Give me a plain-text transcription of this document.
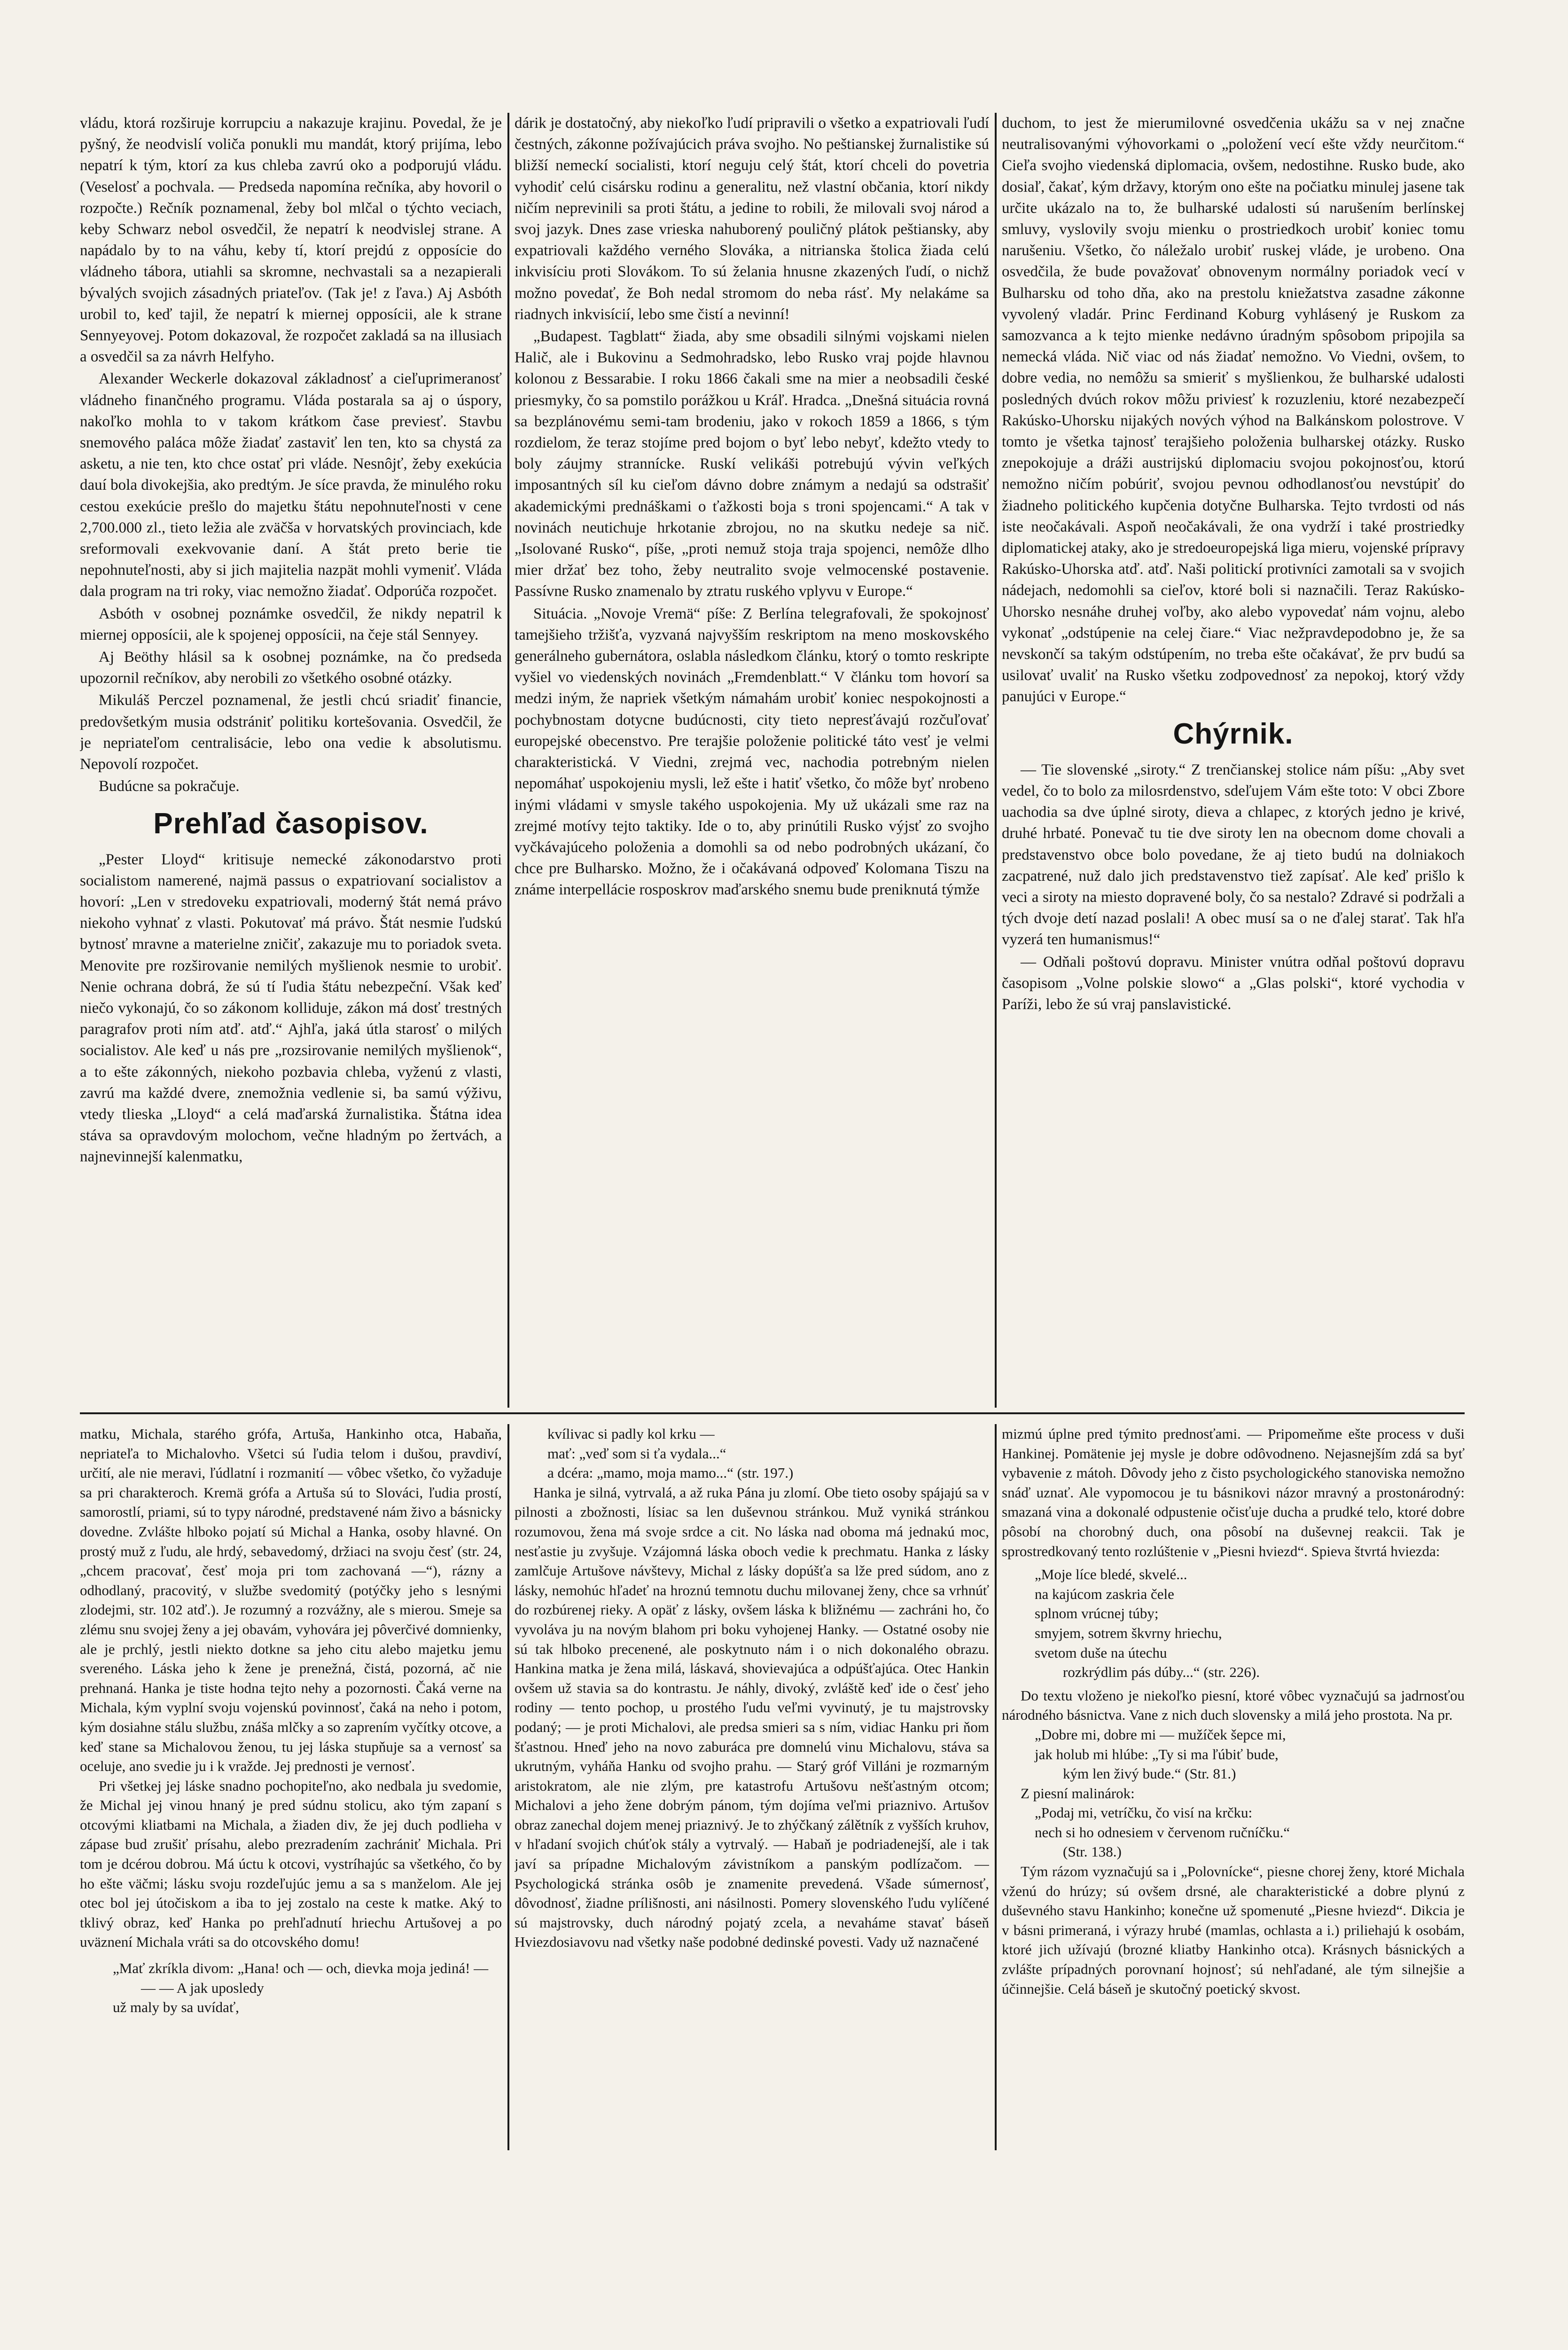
vládu, ktorá rozširuje korrupciu a nakazuje krajinu. Povedal, že je pyšný, že neodvislí voliča ponukli mu mandát, ktorý prijíma, lebo nepatrí k tým, ktorí za kus chleba zavrú oko a podporujú vládu. (Veselosť a pochvala. — Predseda napomína rečníka, aby hovoril o rozpočte.) Rečník poznamenal, žeby bol mlčal o týchto veciach, keby Schwarz nebol osvedčil, že nepatrí k neodvislej strane. A napádalo by to na váhu, keby tí, ktorí prejdú z opposície do vládneho tábora, utiahli sa skromne, nechvastali sa a nezapierali bývalých svojich zásadných priateľov. (Tak je! z ľava.) Aj Asbóth urobil to, keď tajil, že nepatrí k miernej opposícii, ale k strane Sennyeyovej. Potom dokazoval, že rozpočet zakladá sa na illusiach a osvedčil sa za návrh Helfyho.

Alexander Weckerle dokazoval základnosť a cieľuprimeranosť vládneho finančného programu. Vláda postarala sa aj o úspory, nakoľko mohla to v takom krátkom čase previesť. Stavbu snemového paláca môže žiadať zastaviť len ten, kto sa chystá za asketu, a nie ten, kto chce ostať pri vláde. Nesnôjť, žeby exekúcia dauí bola divokejšia, ako predtým. Je síce pravda, že minulého roku cestou exekúcie prešlo do majetku štátu nepohnuteľnosti v cene 2,700.000 zl., tieto ležia ale zväčša v horvatských provinciach, kde sreformovali exekvovanie daní. A štát preto berie tie nepohnuteľnosti, aby si jich majitelia nazpät mohli vymeniť. Vláda dala program na tri roky, viac nemožno žiadať. Odporúča rozpočet.

Asbóth v osobnej poznámke osvedčil, že nikdy nepatril k miernej opposícii, ale k spojenej opposícii, na čeje stál Sennyey.

Aj Beöthy hlásil sa k osobnej poznámke, na čo predseda upozornil rečníkov, aby nerobili zo všetkého osobné otázky.

Mikuláš Perczel poznamenal, že jestli chcú sriadiť financie, predovšetkým musia odstrániť politiku kortešovania. Osvedčil, že je nepriateľom centralisácie, lebo ona vedie k absolutismu. Nepovolí rozpočet.

Budúcne sa pokračuje.

Prehľad časopisov.

„Pester Lloyd“ kritisuje nemecké zákonodarstvo proti socialistom namerené, najmä passus o expatriovaní socialistov a hovorí: „Len v stredoveku expatriovali, moderný štát nemá právo niekoho vyhnať z vlasti. Pokutovať má právo. Štát nesmie ľudskú bytnosť mravne a materielne zničiť, zakazuje mu to poriadok sveta. Menovite pre rozširovanie nemilých myšlienok nesmie to urobiť. Nenie ochrana dobrá, že sú tí ľudia štátu nebezpeční. Však keď niečo vykonajú, čo so zákonom kolliduje, zákon má dosť trestných paragrafov proti ním atď. atď.“ Ajhľa, jaká útla starosť o milých socialistov. Ale keď u nás pre „rozsirovanie nemilých myšlienok“, a to ešte zákonných, niekoho pozbavia chleba, vyženú z vlasti, zavrú ma každé dvere, znemožnia vedlenie si, ba samú výživu, vtedy tlieska „Lloyd“ a celá maďarská žurnalistika. Štátna idea stáva sa opravdovým molochom, večne hladným po žertvách, a najnevinnejší kalenmatku,

dárik je dostatočný, aby niekoľko ľudí pripravili o všetko a expatriovali ľudí čestných, zákonne požívajúcich práva svojho. No peštianskej žurnalistike sú bližší nemeckí socialisti, ktorí neguju celý štát, ktorí chceli do povetria vyhodiť celú cisársku rodinu a generalitu, než vlastní občania, ktorí nikdy ničím neprevinili sa proti štátu, a jedine to robili, že milovali svoj národ a svoj jazyk. Dnes zase vrieska nahuborený pouličný plátok peštiansky, aby expatriovali každého verného Slováka, a nitrianska štolica žiada celú inkvisíciu proti Slovákom. To sú želania hnusne zkazených ľudí, o nichž možno povedať, že Boh nedal stromom do neba rásť. My nelakáme sa riadnych inkvisícií, lebo sme čistí a nevinní!

„Budapest. Tagblatt“ žiada, aby sme obsadili silnými vojskami nielen Halič, ale i Bukovinu a Sedmohradsko, lebo Rusko vraj pojde hlavnou kolonou z Bessarabie. I roku 1866 čakali sme na mier a neobsadili české priesmyky, čo sa pomstilo porážkou u Kráľ. Hradca. „Dnešná situácia rovná sa bezplánovému semi-tam brodeniu, jako v rokoch 1859 a 1866, s tým rozdielom, že teraz stojíme pred bojom o byť lebo nebyť, kdežto vtedy to boly záujmy strannícke. Ruskí velikáši potrebujú vývin veľkých imposantných síl ku cieľom dávno dobre známym a nedajú sa odstrašiť akademickými prednáškami o ťažkosti boja s troni spojencami.“ A tak v novinách neutichuje hrkotanie zbrojou, no na skutku nedeje sa nič. „Isolované Rusko“, píše, „proti nemuž stoja traja spojenci, nemôže dlho mier držať bez toho, žeby neutralito svoje velmocenské postavenie. Passívne Rusko znamenalo by ztratu ruského vplyvu v Europe.“

Situácia. „Novoje Vremä“ píše: Z Berlína telegrafovali, že spokojnosť tamejšieho tržišťa, vyzvaná najvyšším reskriptom na meno moskovského generálneho gubernátora, oslabla následkom článku, ktorý o tomto reskripte vyšiel vo viedenských novinách „Fremdenblatt.“ V článku tom hovorí sa medzi iným, že napriek všetkým námahám urobiť koniec nespokojnosti a pochybnostam dotycne budúcnosti, city tieto nepresťávajú rozčuľovať europejské obecenstvo. Pre terajšie položenie politické táto vesť je velmi charakteristická. V Viedni, zrejmá vec, nachodia potrebným nielen nepomáhať uspokojeniu mysli, lež ešte i hatiť všetko, čo môže byť nrobeno inými vládami v smysle takého uspokojenia. My už ukázali sme raz na zrejmé motívy tejto taktiky. Ide o to, aby prinútili Rusko výjsť zo svojho vyčkávajúceho položenia a domohli sa od nebo podrobných ukázaní, čo chce pre Bulharsko. Možno, že i očakávaná odpoveď Kolomana Tiszu na známe interpellácie rosposkrov maďarského snemu bude preniknutá týmže

duchom, to jest že mierumilovné osvedčenia ukážu sa v nej značne neutralisovanými výhovorkami o „položení vecí ešte vždy neurčitom.“ Cieľa svojho viedenská diplomacia, ovšem, nedostihne. Rusko bude, ako dosiaľ, čakať, kým državy, ktorým ono ešte na počiatku minulej jasene tak určite ukázalo na to, že bulharské udalosti sú narušením berlínskej smluvy, vyslovily svoju mienku o prostriedkoch urobiť koniec tomu narušeniu. Všetko, čo náležalo urobiť ruskej vláde, je urobeno. Ona osvedčila, že bude považovať obnovenym normálny poriadok vecí v Bulharsku od toho dňa, ako na prestolu kniežatstva zasadne zákonne vyvolený vladár. Princ Ferdinand Koburg vyhlásený je Ruskom za samozvanca a k tejto mienke nedávno úradným spôsobom pripojila sa nemecká vláda. Nič viac od nás žiadať nemožno. Vo Viedni, ovšem, to dobre vedia, no nemôžu sa smieriť s myšlienkou, že bulharské udalosti posledných dvúch rokov môžu priviesť k rozuzleniu, ktoré nezabezpečí Rakúsko-Uhorsku nijakých nových výhod na Balkánskom polostrove. V tomto je všetka tajnosť terajšieho položenia bulharskej otázky. Rusko znepokojuje a dráži austrijskú diplomaciu svojou pokojnosťou, ktorú nemožno ničím pobúriť, svojou pevnou odhodlanosťou nevstúpiť do žiadneho politického kupčenia dotyčne Bulharska. Tejto tvrdosti od nás iste neočakávali. Aspoň neočakávali, že ona vydrží i také prostriedky diplomatickej ataky, ako je stredoeuropejská liga mieru, vojenské prípravy Rakúsko-Uhorska atď. atď. Naši politickí protivníci zamotali sa v svojich nádejach, nedomohli sa cieľov, ktoré boli si naznačili. Teraz Rakúsko-Uhorsko nesnáhe druhej voľby, ako alebo vypovedať nám vojnu, alebo vykonať „odstúpenie na celej čiare.“ Viac nežpravdepodobno je, že sa nevskončí sa takým odstúpením, no treba ešte očakávať, že prv budú sa usilovať uvaliť na Rusko všetku zodpovednosť za nepokoj, ktorý vždy panujúci v Europe.“

Chýrnik.

— Tie slovenské „siroty.“ Z trenčianskej stolice nám píšu: „Aby svet vedel, čo to bolo za milosrdenstvo, sdeľujem Vám ešte toto: V obci Zbore uachodia sa dve úplné siroty, dieva a chlapec, z ktorých jedno je krivé, druhé hrbaté. Ponevač tu tie dve siroty len na obecnom dome chovali a predstavenstvo obce bolo povedane, že aj tieto budú na dolniakoch zacpatrené, nuž dalo jich predstavenstvo tiež zapísať. Ale keď prišlo k veci a siroty na miesto dopravené boly, čo sa nestalo? Zdravé si podržali a tých dvoje detí nazad poslali! A obec musí sa o ne ďalej starať. Tak hľa vyzerá ten humanismus!“

— Odňali poštovú dopravu. Minister vnútra odňal poštovú dopravu časopisom „Volne polskie slowo“ a „Glas polski“, ktoré vychodia v Paríži, lebo že sú vraj panslavistické.

matku, Michala, starého grófa, Artuša, Hankinho otca, Habaňa, nepriateľa to Michalovho. Všetci sú ľudia telom i dušou, pravdiví, určití, ale nie meravi, ľúdlatní i rozmanití — vôbec všetko, čo vyžaduje sa pri charakteroch. Kremä grófa a Artuša sú to Slováci, ľudia prostí, samorostlí, priami, sú to typy národné, predstavené nám živo a básnicky dovedne. Zvlášte hlboko pojatí sú Michal a Hanka, osoby hlavné. On prostý muž z ľudu, ale hrdý, sebavedomý, držiaci na svoju česť (str. 24, „chcem pracovať, česť moja pri tom zachovaná —“), rázny a odhodlaný, pracovitý, v službe svedomitý (potýčky jeho s lesnými zlodejmi, str. 102 atď.). Je rozumný a rozvážny, ale s mierou. Smeje sa zlému snu svojej ženy a jej obavám, vyhovára jej pôverčivé domnienky, ale je prchlý, jestli niekto dotkne sa jeho citu alebo majetku jemu sverenéhо. Láska jeho k žene je prenežná, čistá, pozorná, ač nie prehnaná. Hanka je tiste hodna tejto nehy a pozornosti. Čaká verne na Michala, kým vyplní svoju vojenskú povinnosť, čaká na neho i potom, kým dosiahne stálu službu, znáša mlčky a so zaprením vyčítky otcove, a keď stane sa Michalovou ženou, tu jej láska stupňuje sa a vernosť sa ocelujе, ano svedie ju i k vražde. Jej prednosti je vernosť.

Pri všetkej jej láske snadno pochopiteľno, ako nedbala ju svedomie, že Michal jej vinou hnaný je pred súdnu stolicu, ako tým zapaní s otcovými kliatbami na Michala, a žiaden div, že jej duch podlieha v zápase bud zrušiť prísahu, alebo prezradením zachrániť Michala. Pri tom je dcérou dobrou. Má úctu k otcovi, vystríhajúc sa všetkého, čo by ho ešte väčmi; lásku svoju rozdeľujúc jemu a sa s manželom. Ale jej otec bol jej útočiskom a iba to jej zostalo na ceste k matke. Aký to tklivý obraz, keď Hanka po prehľadnutí hriechu Artušovej a po uväznení Michala vráti sa do otcovského domu!

„Mať zkríkla divom: „Hana! och — och, dievka moja jediná! —

— — A jak uposledy

už maly by sa uvídať,

kvílivac si padly kol krku —

mať: „veď som si ťa vydala...“

a dcéra: „mamo, moja mamo...“ (str. 197.)

Hanka je silná, vytrvalá, a až ruka Pána ju zlomí. Obe tieto osoby spájajú sa v pilnosti a zbožnosti, lísiac sa len duševnou stránkou. Muž vyniká stránkou rozumovou, žena má svoje srdce a cit. No láska nad oboma má jednakú moc, nesťastie ju zvyšuje. Vzájomná láska oboch vedie k prechmatu. Hanka z lásky zamlčuje Artušove návštevy, Michal z lásky dopúšťa sa lže pred súdom, ano z lásky, nemohúc hľadeť na hroznú temnotu duchu milovanej ženy, chce sa vrhnúť do rozbúrenej rieky. A opäť z lásky, ovšem láska k bližnému — zachráni ho, čo vyvoláva ju na novým blahom pri boku vyhojenej Hanky. — Ostatné osoby nie sú tak hlboko precenené, ale poskytnuto nám i o nich dokonalého obrazu. Hankina matka je žena milá, láskavá, shovievajúca a odpúšťajúca. Otec Hankin ovšem už stavia sa do kontrastu. Je náhly, divoký, zvláště keď ide o česť jeho rodiny — tento pochop, u prostého ľudu veľmi vyvinutý, je tu majstrovsky podaný; — je proti Michalovi, ale predsa smieri sa s ním, vidiac Hanku pri ňom šťastnou. Hneď jeho na novo zaburáca pre domnelú vinu Michalovu, stáva sa ukrutným, vyháňa Hanku od svojho prahu. — Starý gróf Villáni je rozmarným aristokratom, ale nie zlým, pre katastrofu Artušovu nešťastným otcom; Michalovi a jeho žene dobrým pánom, tým dojíma veľmi priaznivo. Artušov obraz zanechal dojem menej priaznivý. Je to zhýčkaný zálětník z vyšších kruhov, v hľadaní svojich chúťok stály a vytrvalý. — Habaň je podriadenejší, ale i tak javí sa prípadne Michalovým závistníkom a panským podlízačom. — Psychologická stránka osôb je znamenite prevedená. Všade súmernosť, dôvodnosť, žiadne prílišnosti, ani násilnosti. Pomery slovenského ľudu vylíčené sú majstrovsky, duch národný pojatý zcela, a nevaháme stavať báseň Hviezdosiavovu nad všetky naše podobné dedinské povesti. Vady už naznačené

mizmú úplne pred týmito prednosťami. — Pripomeňme ešte process v duši Hankinej. Pomätenie jej mysle je dobre odôvodneno. Nejasnejším zdá sa byť vybavenie z mátoh. Dôvody jeho z čisto psychologického stanoviska nemožno snáď uznať. Ale vypomocou je tu básnikovi názor mravný a prostonárodný: smazaná vina a dokonalé odpustenie očisťuje ducha a prudké telo, ktoré dobre pôsobí na chorobný duch, ona pôsobí na duševnej reakcii. Tak je sprostredkovaný tento rozlúštenie v „Piesni hviezd“. Spieva štvrtá hviezda:

„Moje líce bledé, skvelé...

na kajúcom zaskria čele

splnom vrúcnej túby;

smyjem, sotrem škvrny hriechu,

svetom duše na útechu

rozkrýdlim pás dúby...“ (str. 226).

Do textu vloženo je niekoľko piesní, ktoré vôbec vyznačujú sa jadrnosťou národného básnictva. Vane z nich duch slovensky a milá jeho prostota. Na pr.

„Dobre mi, dobre mi — mužíček šepce mi,

jak holub mi hlúbe: „Ty si ma ľúbiť bude,

kým len živý bude.“ (Str. 81.)

Z piesní malinárok:

„Podaj mi, vetríčku, čo visí na krčku:

nech si ho odnesiem v červenom ručníčku.“

(Str. 138.)

Tým rázom vyznačujú sa i „Polovnícke“, piesne chorej ženy, ktoré Michala vženú do hrúzy; sú ovšem drsné, ale charakteristické a dobre plynú z duševného stavu Hankinho; konečne už spomenuté „Piesne hviezd“. Dikcia je v básni primeraná, i výrazy hrubé (mamlas, ochlasta a i.) priliehajú k osobám, ktoré jich užívajú (brozné kliatby Hankinho otca). Krásnych básnických a zvlášte prípadných porovnaní hojnosť; sú nehľadané, ale tým silnejšie a účinnejšie. Celá báseň je skutočný poetický skvost.
